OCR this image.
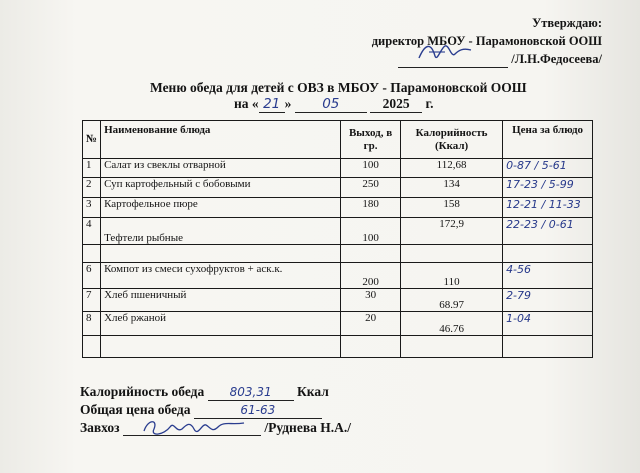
Утверждаю:
директор МБОУ - Парамоновской ООШ
/Л.Н.Федосеева/
Меню обеда для детей с ОВЗ в МБОУ - Парамоновской ООШ
на « 21 » 05	2025 г.
№	Наименование блюда	Выход, в гр.	Калорийность (Ккал)	Цена за блюдо
1	Салат из свеклы отварной	100	112,68	0-87 / 5-61
2	Суп картофельный с бобовыми	250	134	17-23 / 5-99
3	Картофельное пюре	180	158	12-21 / 11-33
4	Тефтели рыбные	100	172,9	22-23 / 0-61

6	Компот из смеси сухофруктов + аск.к.	200	110	4-56
7	Хлеб пшеничный	30	68.97	2-79
8	Хлеб ржаной	20	46.76	1-04

Калорийность обеда 803,31 Ккал
Общая цена обеда	61-63
Завхоз	/Руднева Н.А./
